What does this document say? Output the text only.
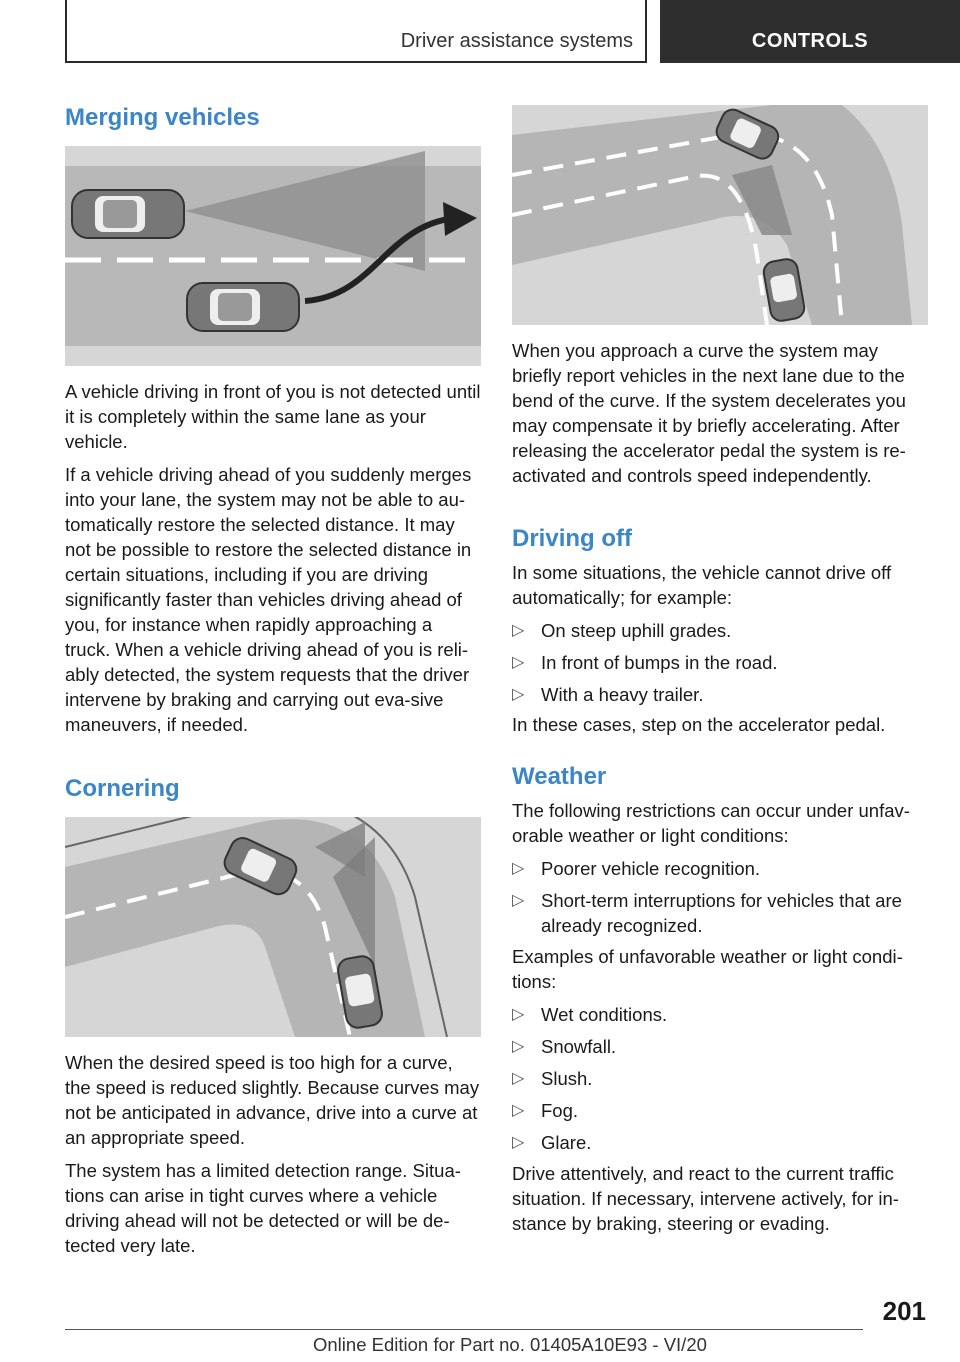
Driver assistance systems	CONTROLS
Merging vehicles

A vehicle driving in front of you is not detected until it is completely within the same lane as your vehicle.

If a vehicle driving ahead of you suddenly merges into your lane, the system may not be able to au-tomatically restore the selected distance. It may not be possible to restore the selected distance in certain situations, including if you are driving significantly faster than vehicles driving ahead of you, for instance when rapidly approaching a truck. When a vehicle driving ahead of you is reli-ably detected, the system requests that the driver intervene by braking and carrying out eva-sive maneuvers, if needed.

Cornering

When the desired speed is too high for a curve, the speed is reduced slightly. Because curves may not be anticipated in advance, drive into a curve at an appropriate speed.

The system has a limited detection range. Situa-tions can arise in tight curves where a vehicle driving ahead will not be detected or will be de-tected very late.

When you approach a curve the system may briefly report vehicles in the next lane due to the bend of the curve. If the system decelerates you may compensate it by briefly accelerating. After releasing the accelerator pedal the system is re-activated and controls speed independently.

Driving off

In some situations, the vehicle cannot drive off automatically; for example:

▷ On steep uphill grades.
▷ In front of bumps in the road.
▷ With a heavy trailer.

In these cases, step on the accelerator pedal.

Weather

The following restrictions can occur under unfav-orable weather or light conditions:

▷ Poorer vehicle recognition.
▷ Short-term interruptions for vehicles that are already recognized.

Examples of unfavorable weather or light condi-tions:

▷ Wet conditions.
▷ Snowfall.
▷ Slush.
▷ Fog.
▷ Glare.

Drive attentively, and react to the current traffic situation. If necessary, intervene actively, for in-stance by braking, steering or evading.

201
Online Edition for Part no. 01405A10E93 - VI/20
